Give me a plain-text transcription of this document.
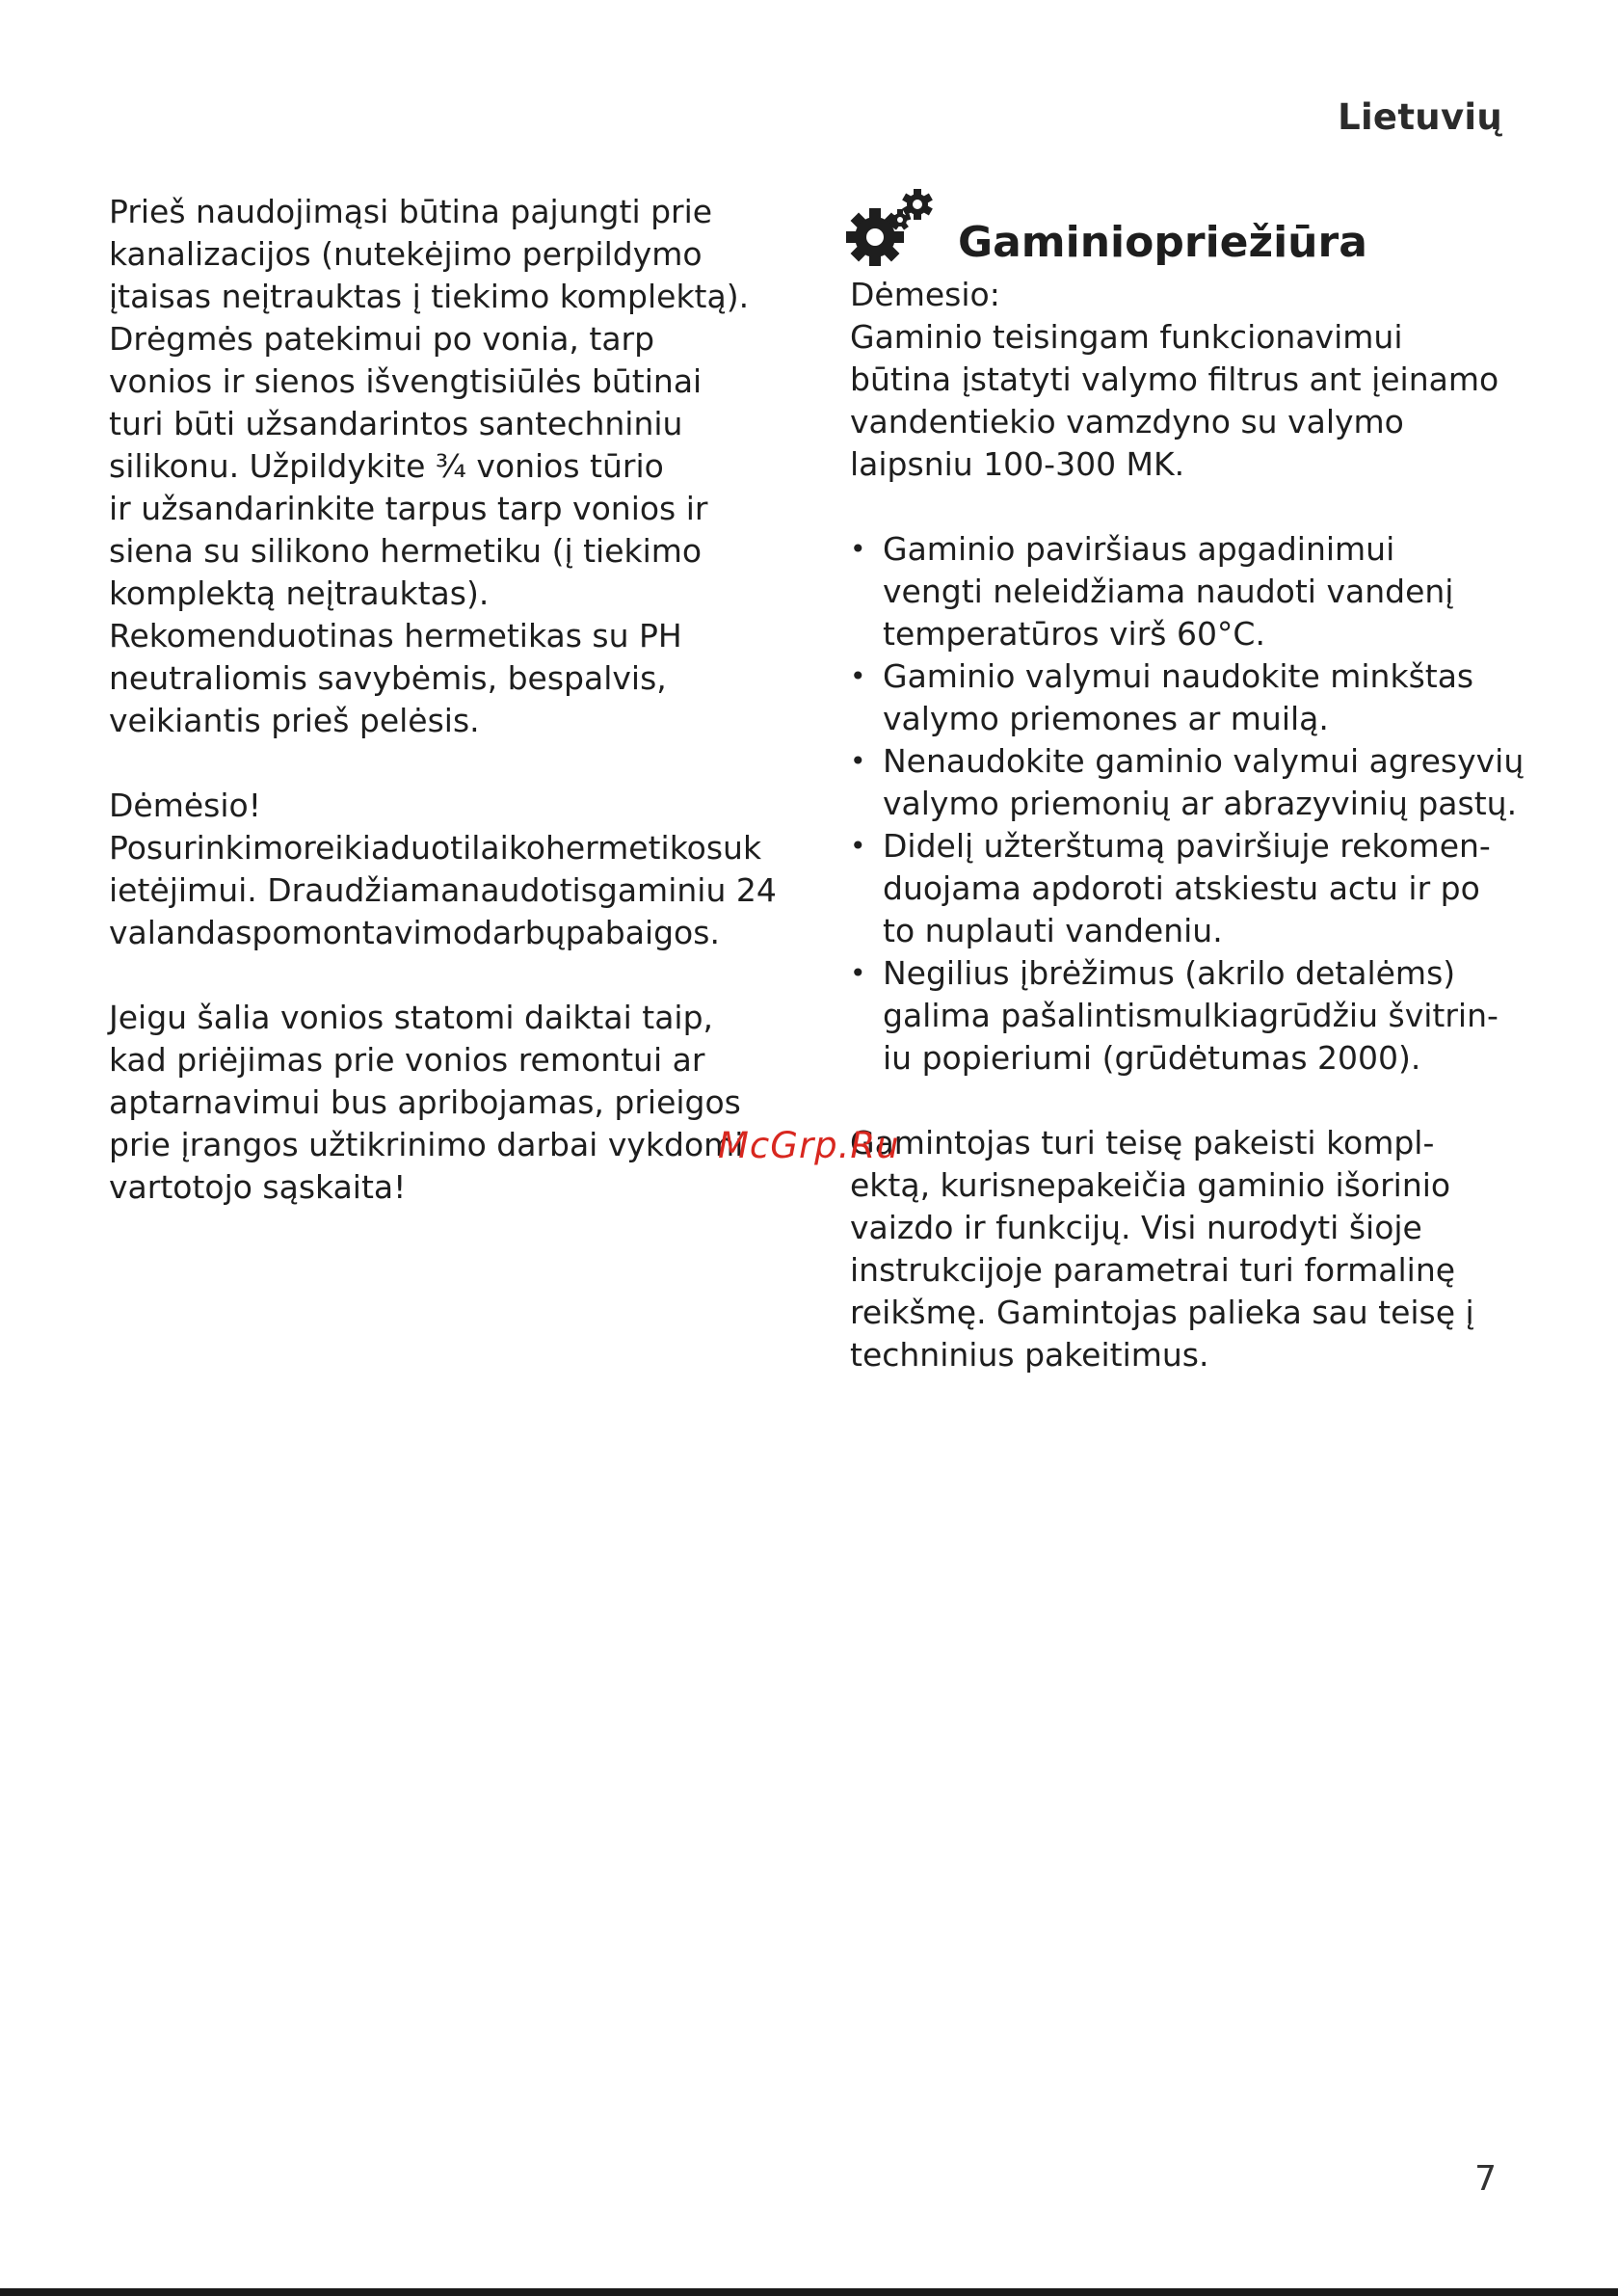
Lietuvių
Prieš naudojimąsi būtina pajungti prie
kanalizacijos (nutekėjimo perpildymo
įtaisas neįtrauktas į tiekimo komplektą).
Drėgmės patekimui po vonia, tarp
vonios ir sienos išvengtisiūlės būtinai
turi būti užsandarintos santechniniu
silikonu. Užpildykite ¾ vonios tūrio
ir užsandarinkite tarpus tarp vonios ir
siena su silikono hermetiku (į tiekimo
komplektą neįtrauktas).
Rekomenduotinas hermetikas su PH
neutraliomis savybėmis, bespalvis,
veikiantis prieš pelėsis.
Dėmėsio!
Posurinkimoreikiaduotilaikohermetikosuk
ietėjimui. Draudžiamanaudotisgaminiu 24
valandaspomontavimodarbųpabaigos.
Jeigu šalia vonios statomi daiktai taip,
kad priėjimas prie vonios remontui ar
aptarnavimui bus apribojamas, prieigos
prie įrangos užtikrinimo darbai vykdomi
vartotojo sąskaita!
Gaminiopriežiūra
Dėmesio:
Gaminio teisingam funkcionavimui
būtina įstatyti valymo filtrus ant įeinamo
vandentiekio vamzdyno su valymo
laipsniu 100-300 MK.
• Gaminio paviršiaus apgadinimui
vengti neleidžiama naudoti vandenį
temperatūros virš 60°C.
• Gaminio valymui naudokite minkštas
valymo priemones ar muilą.
• Nenaudokite gaminio valymui agresyvių
valymo priemonių ar abrazyvinių pastų.
• Didelį užterštumą paviršiuje rekomen-
duojama apdoroti atskiestu actu ir po
to nuplauti vandeniu.
• Negilius įbrėžimus (akrilo detalėms)
galima pašalintismulkiagrūdžiu švitrin-
iu popieriumi (grūdėtumas 2000).
Gamintojas turi teisę pakeisti kompl-
ektą, kurisnepakeičia gaminio išorinio
vaizdo ir funkcijų. Visi nurodyti šioje
instrukcijoje parametrai turi formalinę
reikšmę. Gamintojas palieka sau teisę į
techninius pakeitimus.
McGrp.Ru
7
